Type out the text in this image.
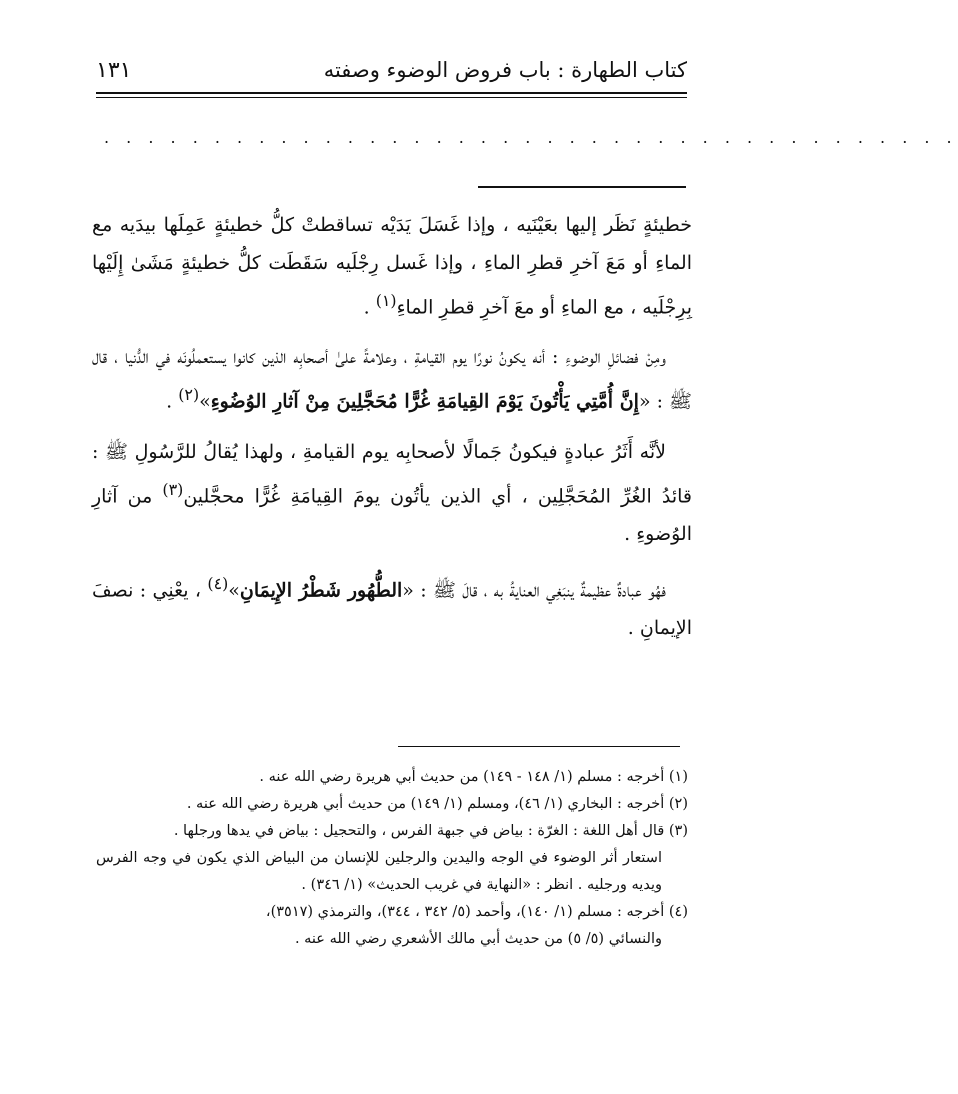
كتاب الطهارة : باب فروض الوضوء وصفته
١٣١
. . . . . . . . . . . . . . . . . . . . . . . . . . . . . . . . . . . . . . .

خطيئةٍ نَظَر إليها بعَيْنَيه ، وإذا غَسَلَ يَدَيْه تساقطتْ كلُّ خطيئةٍ عَمِلَها بيدَيه مع الماءِ أو مَعَ آخرِ قطرِ الماءِ ، وإذا غَسل رِجْلَيه سَقَطَت كلُّ خطيئةٍ مَشَىٰ إِلَيْها بِرِجْلَيه ، مع الماءِ أو معَ آخرِ قطرِ الماءِ$^{(١)}$ .

ومِنْ فضائلِ الوضوءِ : أنه يكونُ نورًا يوم القيامةِ ، وعلامةً علىٰ أصحابِه الذين كانوا يستعملُونَه في الدُّنيا ، قال ﷺ : «إِنَّ أُمَّتِي يَأْتُونَ يَوْمَ القِيامَةِ غُرًّا مُحَجَّلِينَ مِنْ آثارِ الوُضُوءِ»$^{(٢)}$ .

لأنَّه أَثَرُ عبادةٍ فيكونُ جَمالًا لأصحابِه يوم القيامةِ ، ولهذا يُقالُ للرَّسُولِ ﷺ : قائدُ الغُرِّ المُحَجَّلِين ، أي الذين يأتُون يومَ القِيامَةِ غُرًّا محجَّلين$^{(٣)}$ من آثارِ الوُضوءِ .

فهُو عبادةٌ عظيمةٌ ينبَغِي العنايةُ به ، قالَ ﷺ : «الطُّهُور شَطْرُ الإِيمَانِ»$^{(٤)}$ ، يعْنِي : نصفَ الإيمانِ .

(١) أخرجه : مسلم (١/ ١٤٨ - ١٤٩) من حديث أبي هريرة رضي الله عنه .

(٢) أخرجه : البخاري (١/ ٤٦)، ومسلم (١/ ١٤٩) من حديث أبي هريرة رضي الله عنه .

(٣) قال أهل اللغة : الغرّة : بياض في جبهة الفرس ، والتحجيل : بياض في يدها ورجلها .

استعار أثر الوضوء في الوجه واليدين والرجلين للإنسان من البياض الذي يكون في وجه الفرس ويديه ورجليه . انظر : «النهاية في غريب الحديث» (١/ ٣٤٦) .

(٤) أخرجه : مسلم (١/ ١٤٠)، وأحمد (٥/ ٣٤٢ ، ٣٤٤)، والترمذي (٣٥١٧)،

والنسائي (٥/ ٥) من حديث أبي مالك الأشعري رضي الله عنه .
